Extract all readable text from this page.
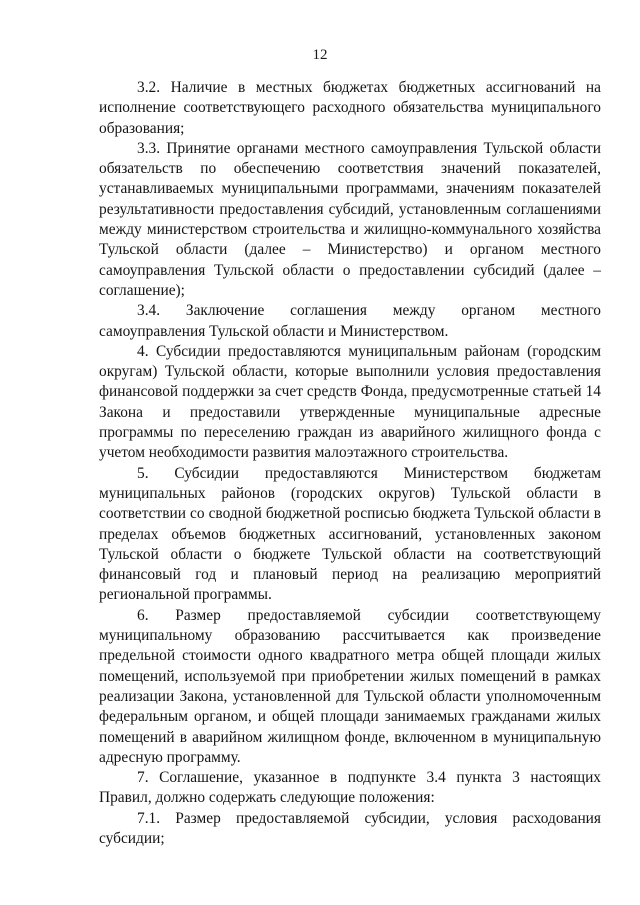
12

3.2. Наличие в местных бюджетах бюджетных ассигнований на исполнение соответствующего расходного обязательства муниципального образования;

3.3. Принятие органами местного самоуправления Тульской области обязательств по обеспечению соответствия значений показателей, устанавливаемых муниципальными программами, значениям показателей результативности предоставления субсидий, установленным соглашениями между министерством строительства и жилищно-коммунального хозяйства Тульской области (далее – Министерство) и органом местного самоуправления Тульской области о предоставлении субсидий (далее – соглашение);

3.4. Заключение соглашения между органом местного самоуправления Тульской области и Министерством.

4. Субсидии предоставляются муниципальным районам (городским округам) Тульской области, которые выполнили условия предоставления финансовой поддержки за счет средств Фонда, предусмотренные статьей 14 Закона и предоставили утвержденные муниципальные адресные программы по переселению граждан из аварийного жилищного фонда с учетом необходимости развития малоэтажного строительства.

5. Субсидии предоставляются Министерством бюджетам муниципальных районов (городских округов) Тульской области в соответствии со сводной бюджетной росписью бюджета Тульской области в пределах объемов бюджетных ассигнований, установленных законом Тульской области о бюджете Тульской области на соответствующий финансовый год и плановый период на реализацию мероприятий региональной программы.

6. Размер предоставляемой субсидии соответствующему муниципальному образованию рассчитывается как произведение предельной стоимости одного квадратного метра общей площади жилых помещений, используемой при приобретении жилых помещений в рамках реализации Закона, установленной для Тульской области уполномоченным федеральным органом, и общей площади занимаемых гражданами жилых помещений в аварийном жилищном фонде, включенном в муниципальную адресную программу.

7. Соглашение, указанное в подпункте 3.4 пункта 3 настоящих Правил, должно содержать следующие положения:

7.1. Размер предоставляемой субсидии, условия расходования субсидии;
